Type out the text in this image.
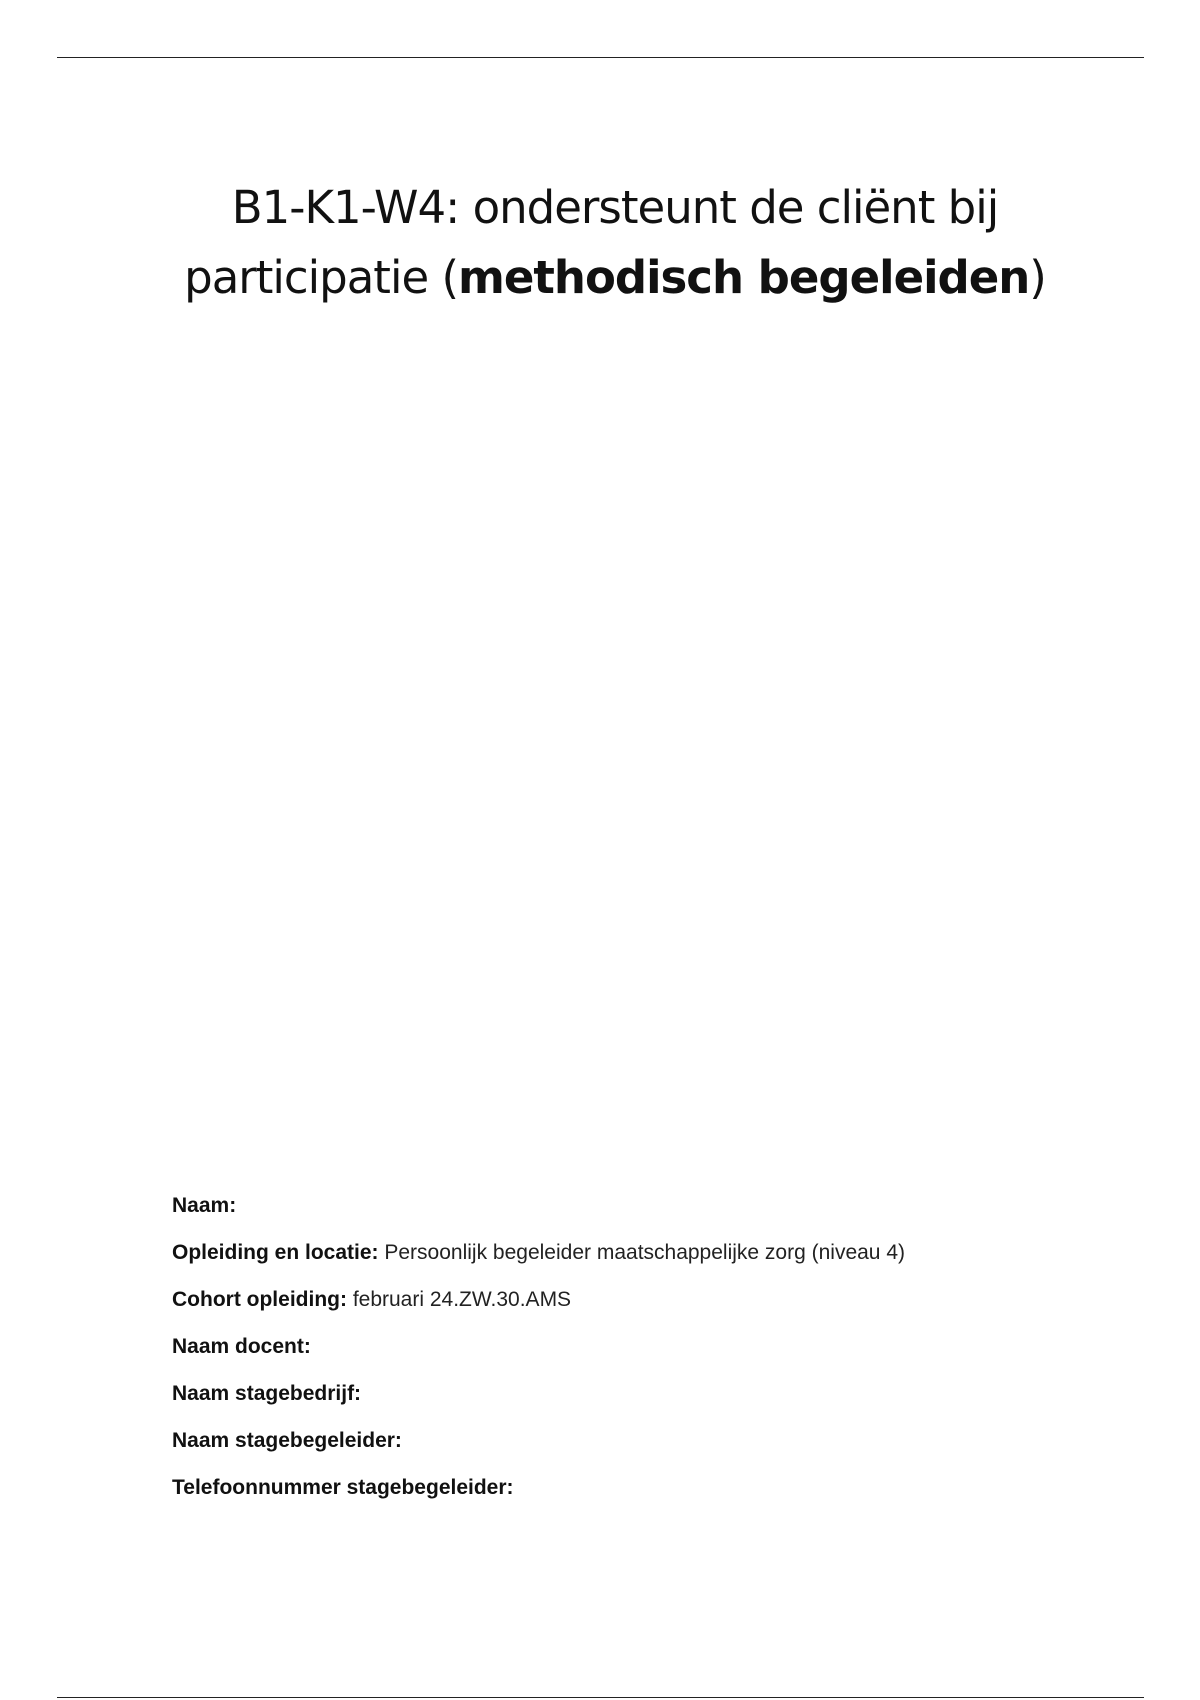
B1-K1-W4: ondersteunt de cliënt bij
participatie (methodisch begeleiden)
Naam:
Opleiding en locatie: Persoonlijk begeleider maatschappelijke zorg (niveau 4)
Cohort opleiding: februari 24.ZW.30.AMS
Naam docent:
Naam stagebedrijf:
Naam stagebegeleider:
Telefoonnummer stagebegeleider:
